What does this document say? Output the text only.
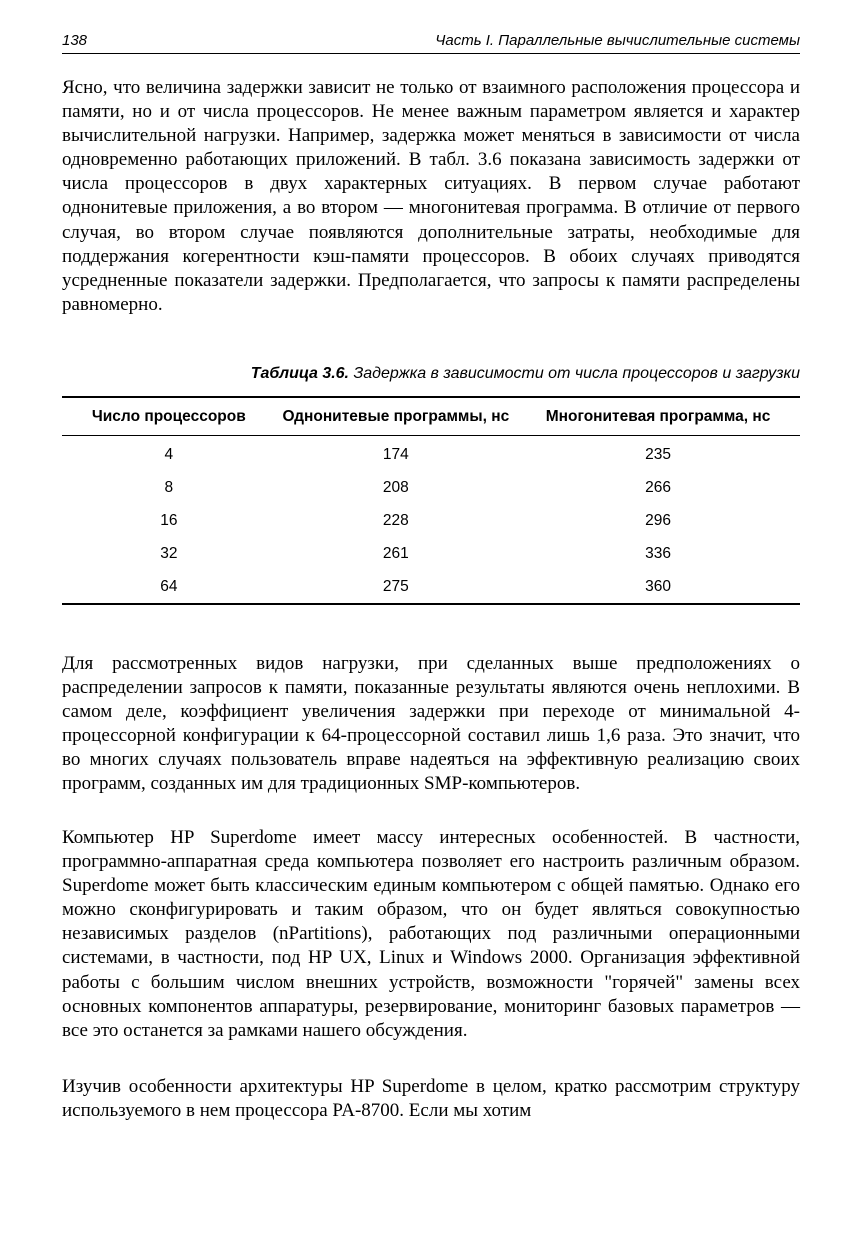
138	Часть I. Параллельные вычислительные системы

Ясно, что величина задержки зависит не только от взаимного расположения процессора и памяти, но и от числа процессоров. Не менее важным параметром является и характер вычислительной нагрузки. Например, задержка может меняться в зависимости от числа одновременно работающих приложений. В табл. 3.6 показана зависимость задержки от числа процессоров в двух характерных ситуациях. В первом случае работают однонитевые приложения, а во втором — многонитевая программа. В отличие от первого случая, во втором случае появляются дополнительные затраты, необходимые для поддержания когерентности кэш-памяти процессоров. В обоих случаях приводятся усредненные показатели задержки. Предполагается, что запросы к памяти распределены равномерно.

Таблица 3.6. Задержка в зависимости от числа процессоров и загрузки
Число процессоров	Однонитевые программы, нс	Многонитевая программа, нс
4	174	235
8	208	266
16	228	296
32	261	336
64	275	360

Для рассмотренных видов нагрузки, при сделанных выше предположениях о распределении запросов к памяти, показанные результаты являются очень неплохими. В самом деле, коэффициент увеличения задержки при переходе от минимальной 4-процессорной конфигурации к 64-процессорной составил лишь 1,6 раза. Это значит, что во многих случаях пользователь вправе надеяться на эффективную реализацию своих программ, созданных им для традиционных SMP-компьютеров.

Компьютер HP Superdome имеет массу интересных особенностей. В частности, программно-аппаратная среда компьютера позволяет его настроить различным образом. Superdome может быть классическим единым компьютером с общей памятью. Однако его можно сконфигурировать и таким образом, что он будет являться совокупностью независимых разделов (nPartitions), работающих под различными операционными системами, в частности, под HP UX, Linux и Windows 2000. Организация эффективной работы с большим числом внешних устройств, возможности "горячей" замены всех основных компонентов аппаратуры, резервирование, мониторинг базовых параметров — все это останется за рамками нашего обсуждения.

Изучив особенности архитектуры HP Superdome в целом, кратко рассмотрим структуру используемого в нем процессора PA-8700. Если мы хотим
